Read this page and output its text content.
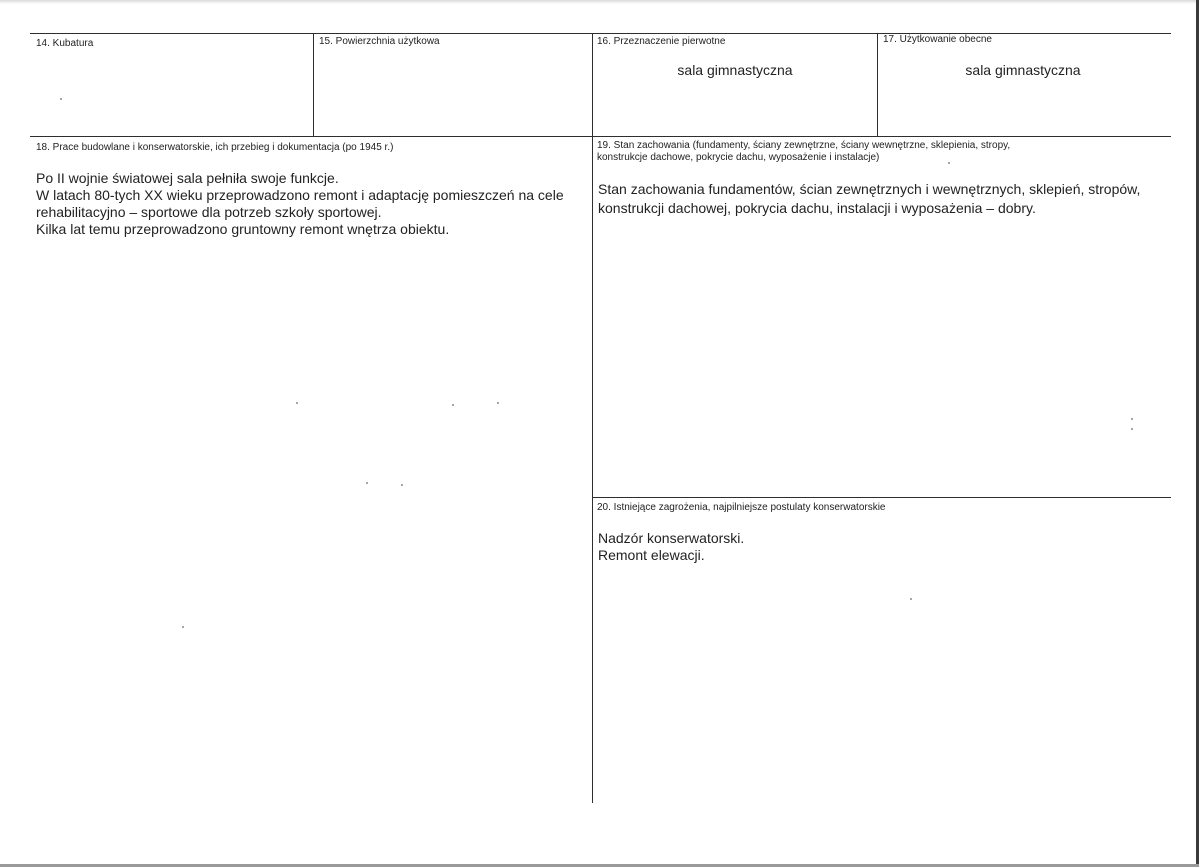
14. Kubatura	15. Powierzchnia użytkowa	16. Przeznaczenie pierwotne
sala gimnastyczna
17. Użytkowanie obecne
sala gimnastyczna
18. Prace budowlane i konserwatorskie, ich przebieg i dokumentacja (po 1945 r.)

Po II wojnie światowej sala pełniła swoje funkcje.

W latach 80-tych XX wieku przeprowadzono remont i adaptację pomieszczeń na cele rehabilitacyjno – sportowe dla potrzeb szkoły sportowej.

Kilka lat temu przeprowadzono gruntowny remont wnętrza obiektu.

19. Stan zachowania (fundamenty, ściany zewnętrzne, ściany wewnętrzne, sklepienia, stropy,
konstrukcje dachowe, pokrycie dachu, wyposażenie i instalacje)
Stan zachowania fundamentów, ścian zewnętrznych i wewnętrznych, sklepień, stropów, konstrukcji dachowej, pokrycia dachu, instalacji i wyposażenia – dobry.
20. Istniejące zagrożenia, najpilniejsze postulaty konserwatorskie

Nadzór konserwatorski.

Remont elewacji.
